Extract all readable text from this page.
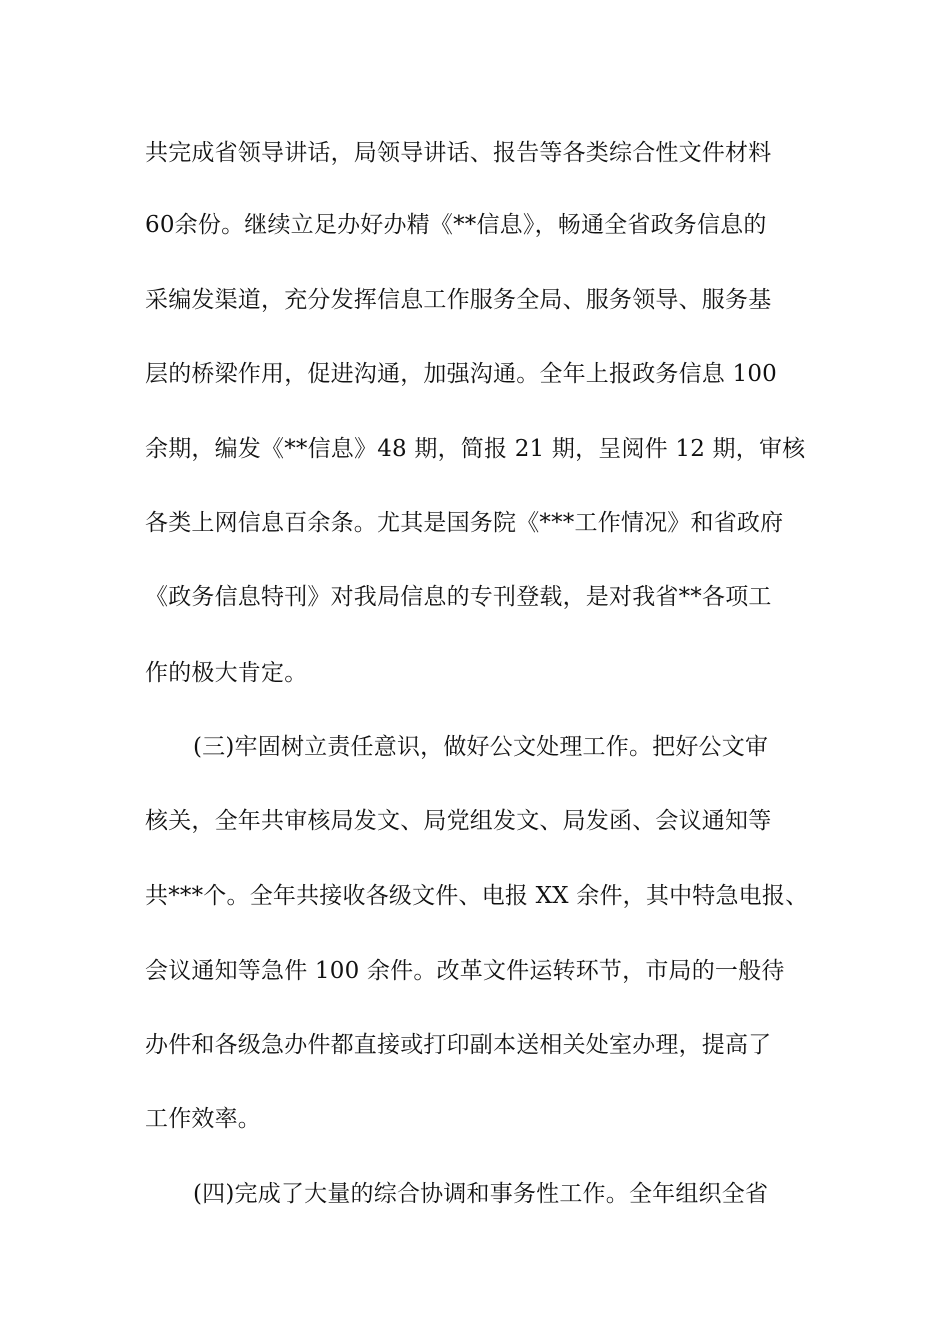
共完成省领导讲话，局领导讲话、报告等各类综合性文件材料
60余份。继续立足办好办精《**信息》，畅通全省政务信息的
采编发渠道，充分发挥信息工作服务全局、服务领导、服务基
层的桥梁作用，促进沟通，加强沟通。全年上报政务信息 100
余期，编发《**信息》48 期，简报 21 期，呈阅件 12 期，审核
各类上网信息百余条。尤其是国务院《***工作情况》和省政府
《政务信息特刊》对我局信息的专刊登载，是对我省**各项工
作的极大肯定。
(三)牢固树立责任意识，做好公文处理工作。把好公文审
核关，全年共审核局发文、局党组发文、局发函、会议通知等
共***个。全年共接收各级文件、电报 XX 余件，其中特急电报、
会议通知等急件 100 余件。改革文件运转环节，市局的一般待
办件和各级急办件都直接或打印副本送相关处室办理，提高了
工作效率。
(四)完成了大量的综合协调和事务性工作。全年组织全省
